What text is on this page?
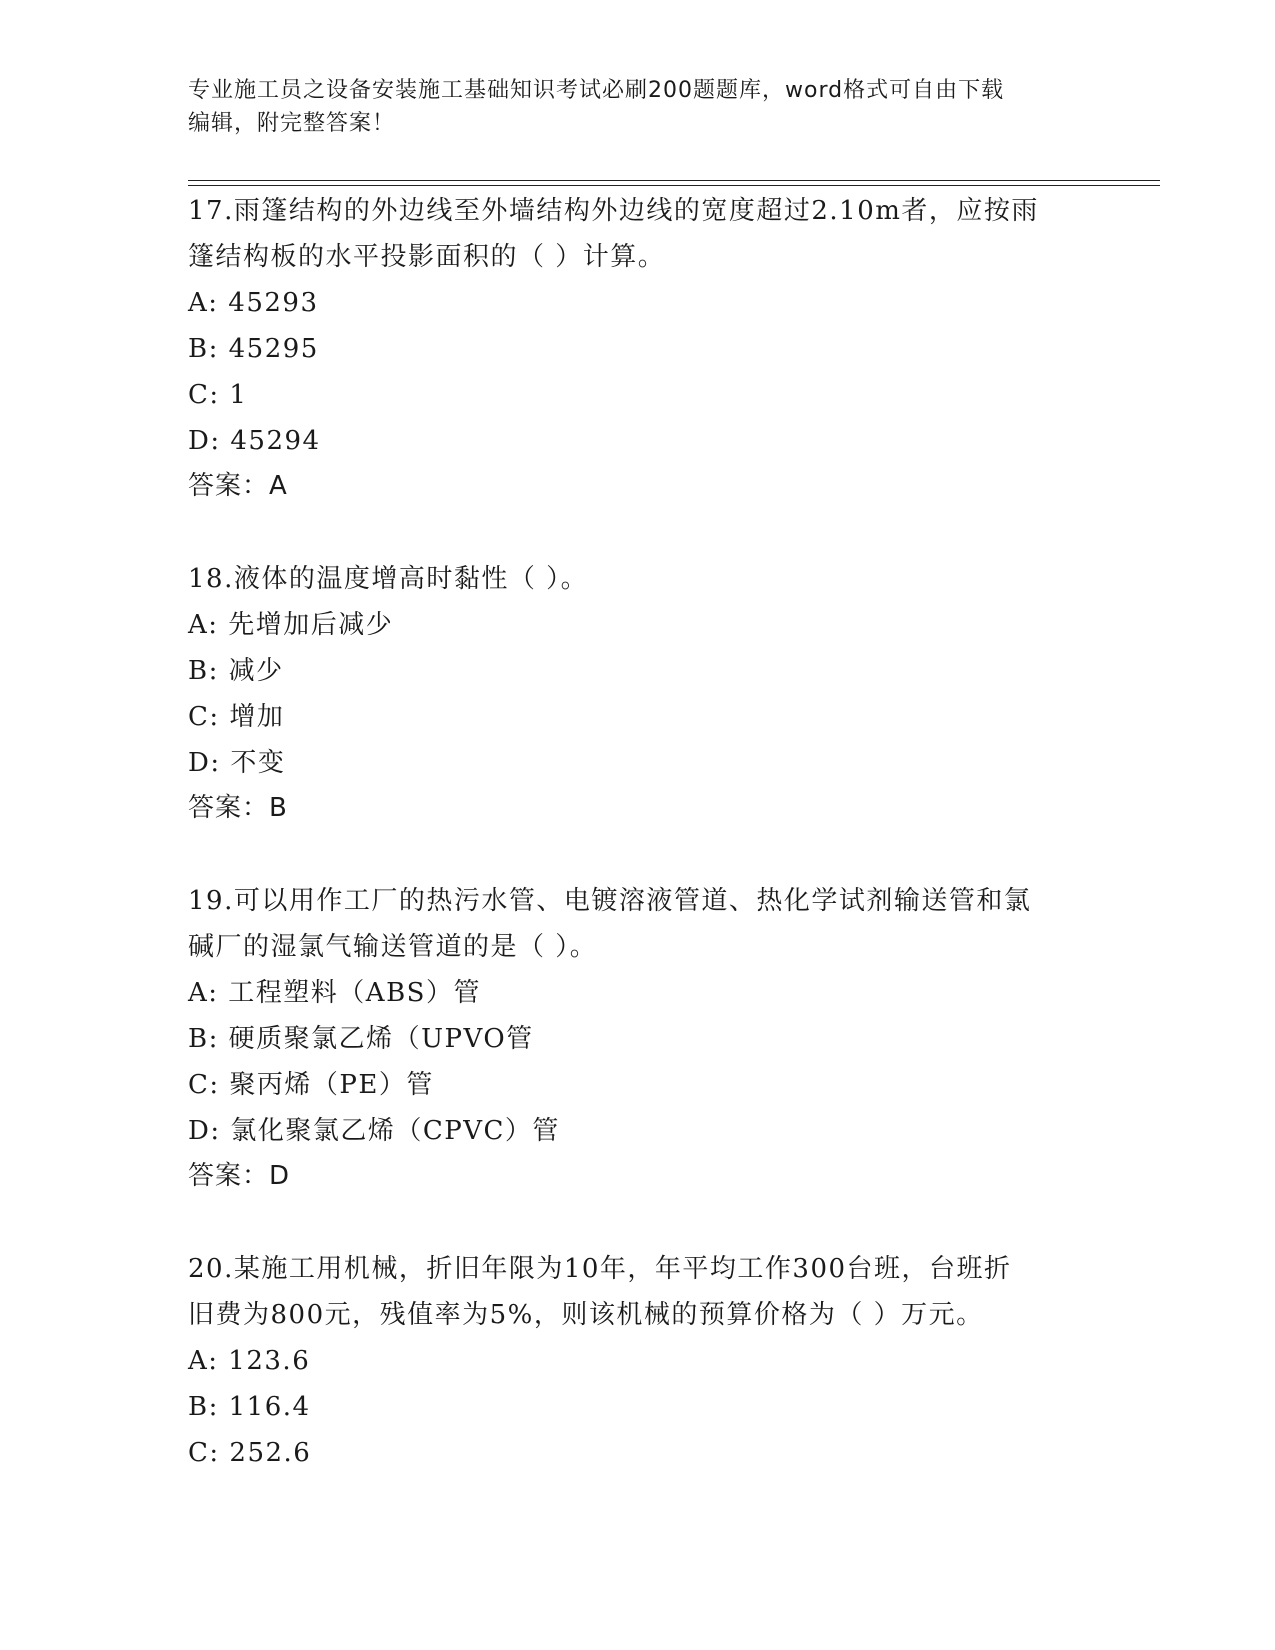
专业施工员之设备安装施工基础知识考试必刷200题题库，word格式可自由下载
编辑，附完整答案！
17.雨篷结构的外边线至外墙结构外边线的宽度超过2.10m者，应按雨
篷结构板的水平投影面积的（ ）计算。
A: 45293
B: 45295
C: 1
D: 45294
答案：A
18.液体的温度增高时黏性（ ）。
A: 先增加后减少
B: 减少
C: 增加
D: 不变
答案：B
19.可以用作工厂的热污水管、电镀溶液管道、热化学试剂输送管和氯
碱厂的湿氯气输送管道的是（ ）。
A: 工程塑料（ABS）管
B: 硬质聚氯乙烯（UPVO管
C: 聚丙烯（PE）管
D: 氯化聚氯乙烯（CPVC）管
答案：D
20.某施工用机械，折旧年限为10年，年平均工作300台班，台班折
旧费为800元，残值率为5%，则该机械的预算价格为（ ）万元。
A: 123.6
B: 116.4
C: 252.6
